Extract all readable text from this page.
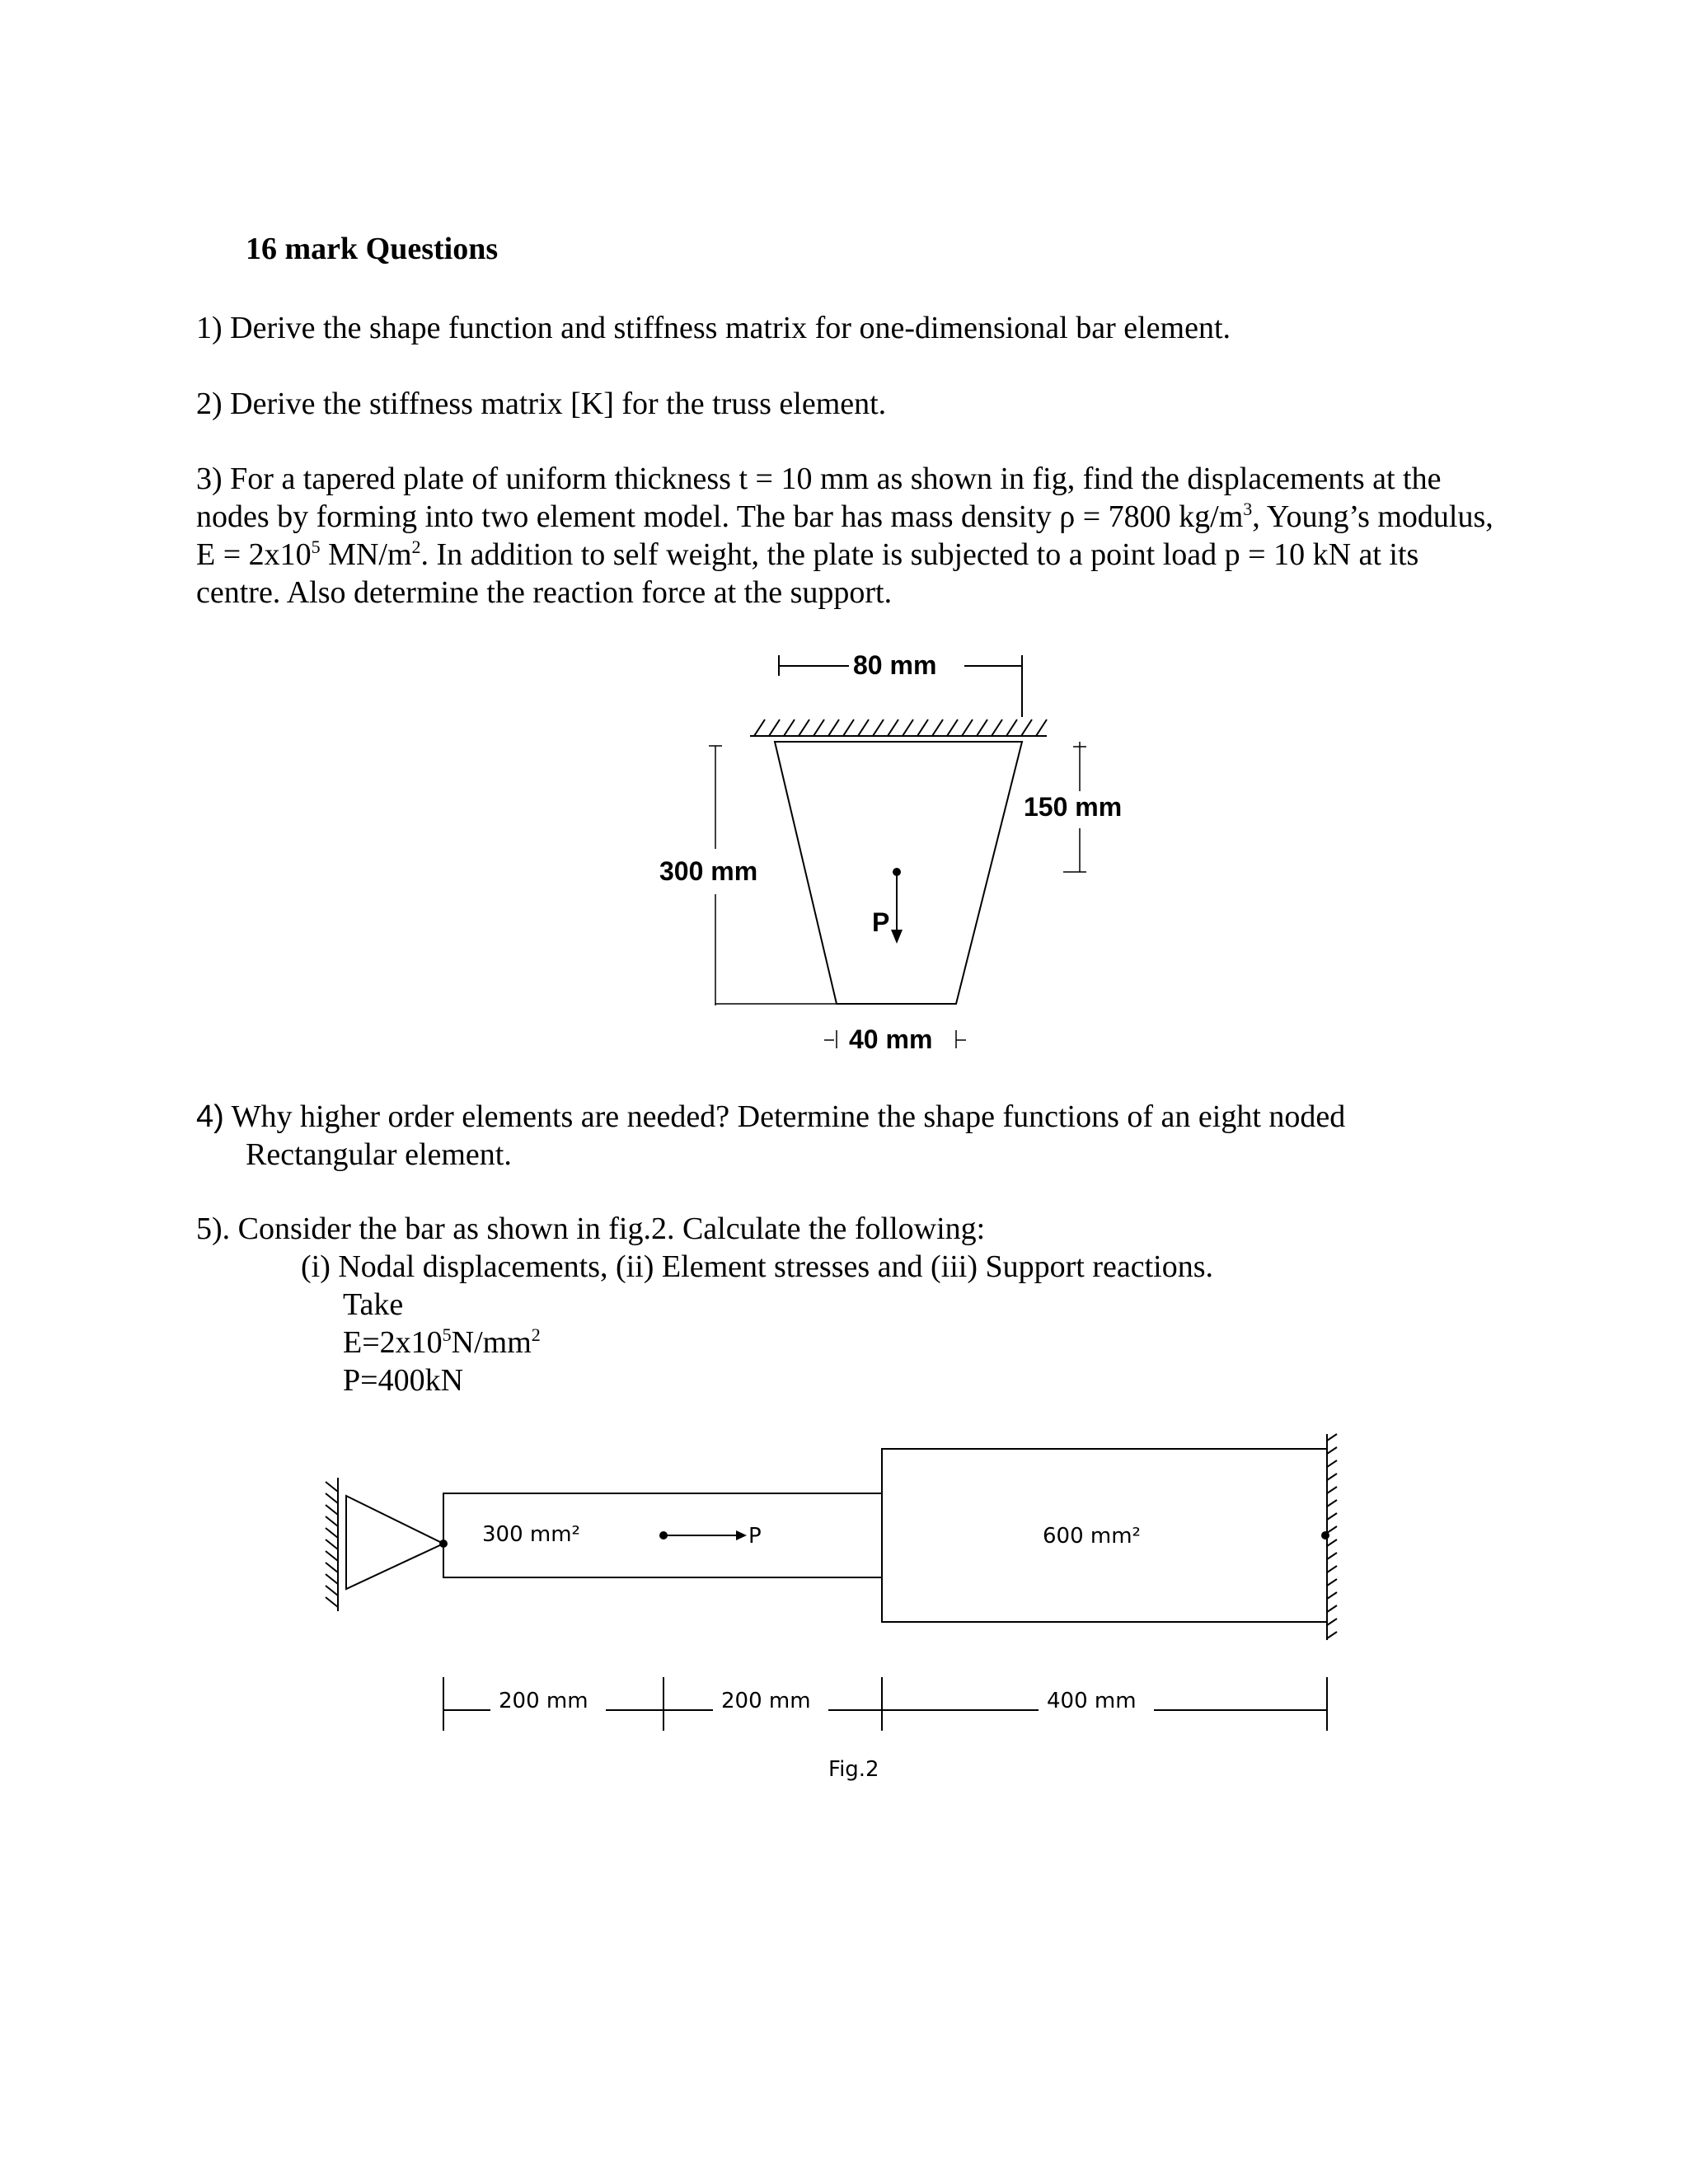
16 mark Questions
1) Derive the shape function and stiffness matrix for one-dimensional bar element.
2) Derive the stiffness matrix [K] for the truss element.
3) For a tapered plate of uniform thickness t = 10 mm as shown in fig, find the displacements at the
nodes by forming into two element model. The bar has mass density ρ = 7800 $kg/m^3$, Young’s modulus,
$E = 2x10^5$ $MN/m^2$. In addition to self weight, the plate is subjected to a point load p = 10 kN at its
centre. Also determine the reaction force at the support.
4) Why higher order elements are needed? Determine the shape functions of an eight noded
Rectangular element.
5). Consider the bar as shown in fig.2. Calculate the following:
(i) Nodal displacements, (ii) Element stresses and (iii) Support reactions.
Take
$E=2x10^5N/mm^2$
P=400kN
80 mm
300 mm
150 mm
P
40 mm
300 mm²	600 mm²
P
200 mm	200 mm	400 mm
Fig.2
